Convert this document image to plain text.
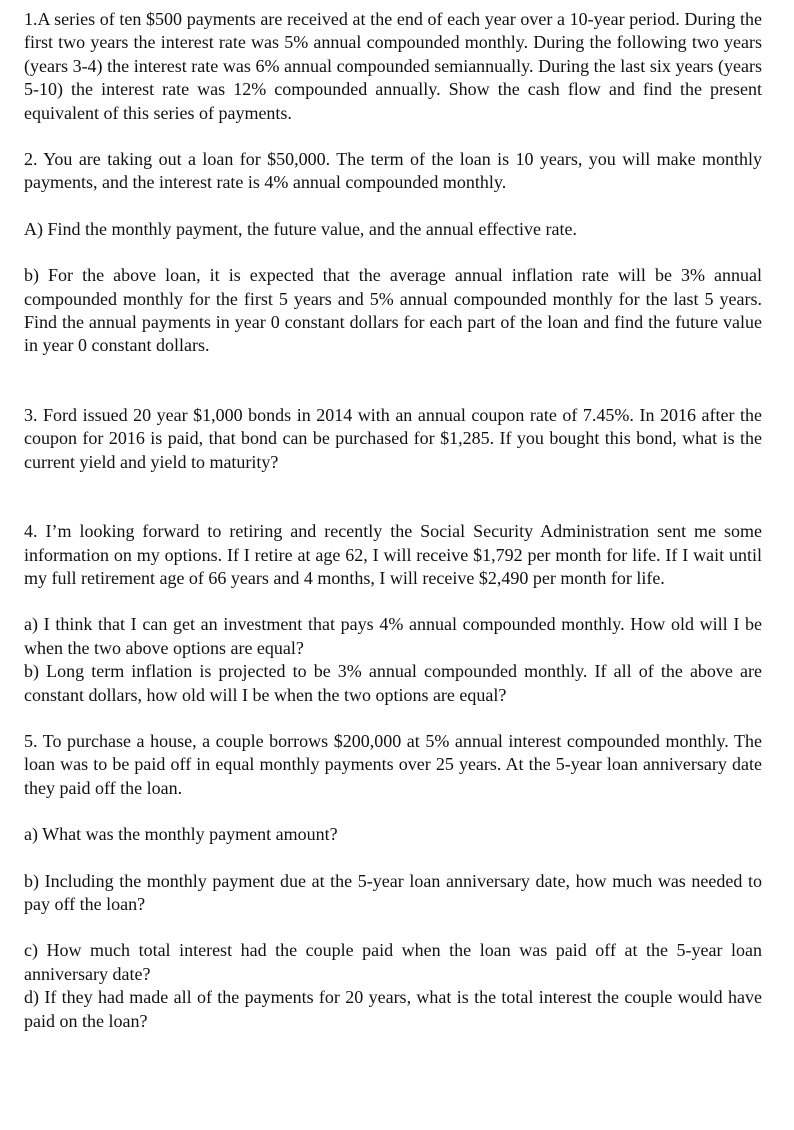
1.A series of ten $500 payments are received at the end of each year over a 10-year period. During the first two years the interest rate was 5% annual compounded monthly. During the following two years (years 3-4) the interest rate was 6% annual compounded semiannually. During the last six years (years 5-10) the interest rate was 12% compounded annually. Show the cash flow and find the present equivalent of this series of payments.

2. You are taking out a loan for $50,000. The term of the loan is 10 years, you will make monthly payments, and the interest rate is 4% annual compounded monthly.

A) Find the monthly payment, the future value, and the annual effective rate.

b) For the above loan, it is expected that the average annual inflation rate will be 3% annual compounded monthly for the first 5 years and 5% annual compounded monthly for the last 5 years. Find the annual payments in year 0 constant dollars for each part of the loan and find the future value in year 0 constant dollars.

3. Ford issued 20 year $1,000 bonds in 2014 with an annual coupon rate of 7.45%. In 2016 after the coupon for 2016 is paid, that bond can be purchased for $1,285. If you bought this bond, what is the current yield and yield to maturity?

4. I’m looking forward to retiring and recently the Social Security Administration sent me some information on my options. If I retire at age 62, I will receive $1,792 per month for life. If I wait until my full retirement age of 66 years and 4 months, I will receive $2,490 per month for life.

a) I think that I can get an investment that pays 4% annual compounded monthly. How old will I be when the two above options are equal?

b) Long term inflation is projected to be 3% annual compounded monthly. If all of the above are constant dollars, how old will I be when the two options are equal?

5. To purchase a house, a couple borrows $200,000 at 5% annual interest compounded monthly. The loan was to be paid off in equal monthly payments over 25 years. At the 5-year loan anniversary date they paid off the loan.

a) What was the monthly payment amount?

b) Including the monthly payment due at the 5-year loan anniversary date, how much was needed to pay off the loan?

c) How much total interest had the couple paid when the loan was paid off at the 5-year loan anniversary date?

d) If they had made all of the payments for 20 years, what is the total interest the couple would have paid on the loan?
